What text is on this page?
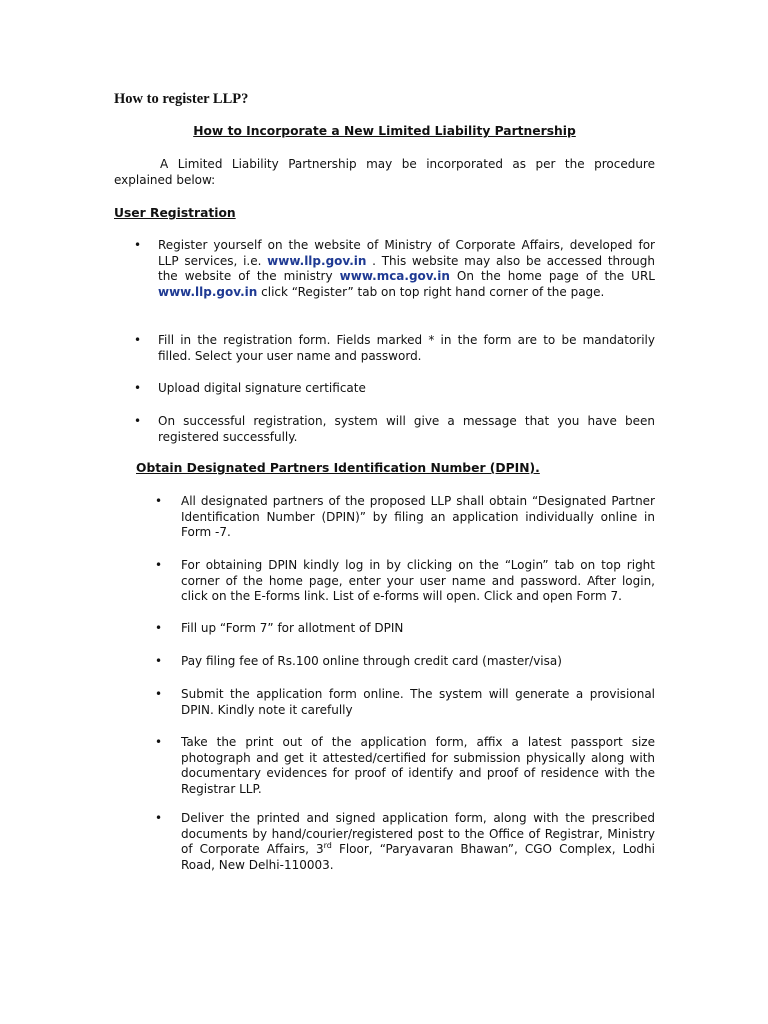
How to register LLP?
How to Incorporate a New Limited Liability Partnership

A Limited Liability Partnership may be incorporated as per the procedure explained below:

User Registration
• Register yourself on the website of Ministry of Corporate Affairs, developed for LLP services, i.e. www.llp.gov.in . This website may also be accessed through the website of the ministry www.mca.gov.in On the home page of the URL www.llp.gov.in click “Register” tab on top right hand corner of the page.
• Fill in the registration form. Fields marked * in the form are to be mandatorily filled. Select your user name and password.
• Upload digital signature certificate
• On successful registration, system will give a message that you have been registered successfully.
Obtain Designated Partners Identification Number (DPIN).
• All designated partners of the proposed LLP shall obtain “Designated Partner Identification Number (DPIN)” by filing an application individually online in Form -7.
• For obtaining DPIN kindly log in by clicking on the “Login” tab on top right corner of the home page, enter your user name and password. After login, click on the E-forms link. List of e-forms will open. Click and open Form 7.
• Fill up “Form 7” for allotment of DPIN
• Pay filing fee of Rs.100 online through credit card (master/visa)
• Submit the application form online. The system will generate a provisional DPIN. Kindly note it carefully
• Take the print out of the application form, affix a latest passport size photograph and get it attested/certified for submission physically along with documentary evidences for proof of identify and proof of residence with the Registrar LLP.
• Deliver the printed and signed application form, along with the prescribed documents by hand/courier/registered post to the Office of Registrar, Ministry of Corporate Affairs, 3rd Floor, “Paryavaran Bhawan”, CGO Complex, Lodhi Road, New Delhi-110003.
